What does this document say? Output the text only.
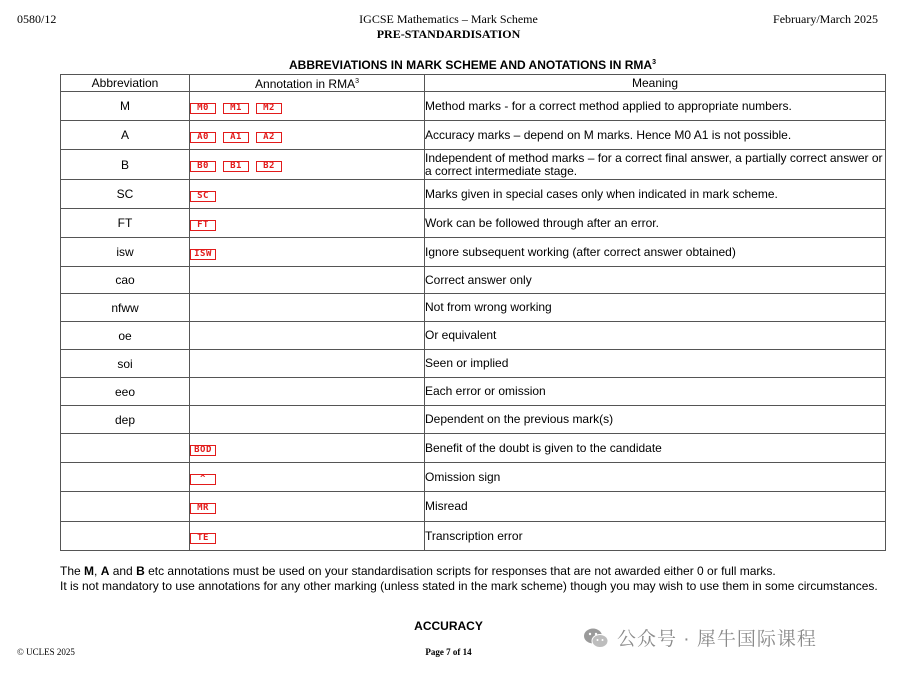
0580/12	IGCSE Mathematics – Mark Scheme
PRE-STANDARDISATION
February/March 2025
ABBREVIATIONS IN MARK SCHEME AND ANOTATIONS IN RMA$^3$
Abbreviation	Annotation in RMA$^3$	Meaning
M	M0 M1 M2	Method marks - for a correct method applied to appropriate numbers.
A	A0 A1 A2	Accuracy marks – depend on M marks. Hence M0 A1 is not possible.
B	B0 B1 B2	Independent of method marks – for a correct final answer, a partially correct answer or a correct intermediate stage.
SC	SC	Marks given in special cases only when indicated in mark scheme.
FT	FT	Work can be followed through after an error.
isw	ISW	Ignore subsequent working (after correct answer obtained)
cao		Correct answer only
nfww		Not from wrong working
oe		Or equivalent
soi		Seen or implied
eeo		Each error or omission
dep		Dependent on the previous mark(s)
	BOD	Benefit of the doubt is given to the candidate
	^	Omission sign
	MR	Misread
	TE	Transcription error
The M, A and B etc annotations must be used on your standardisation scripts for responses that are not awarded either 0 or full marks.
It is not mandatory to use annotations for any other marking (unless stated in the mark scheme) though you may wish to use them in some circumstances.
ACCURACY
© UCLES 2025	Page 7 of 14
公众号 · 犀牛国际课程
